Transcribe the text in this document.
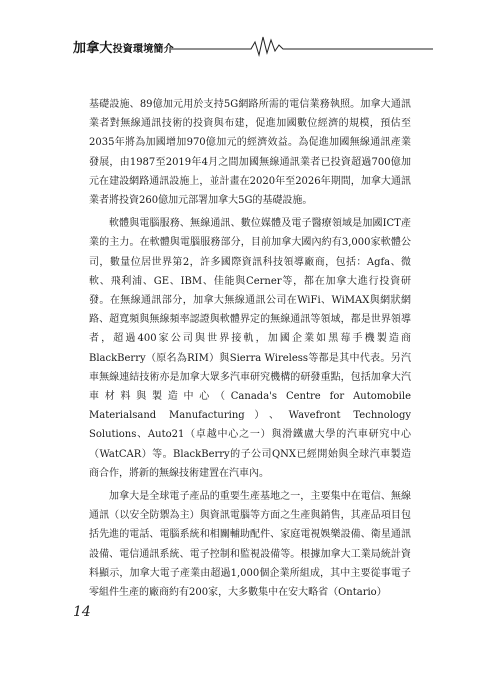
加拿大投資環境簡介

基礎設施、89億加元用於支持5G網路所需的電信業務執照。加拿大通訊業者對無線通訊技術的投資與布建，促進加國數位經濟的規模，預估至2035年將為加國增加970億加元的經濟效益。為促進加國無線通訊產業發展，由1987至2019年4月之間加國無線通訊業者已投資超過700億加元在建設網路通訊設施上，並計畫在2020年至2026年期間，加拿大通訊業者將投資260億加元部署加拿大5G的基礎設施。

軟體與電腦服務、無線通訊、數位媒體及電子醫療領域是加國ICT產業的主力。在軟體與電腦服務部分，目前加拿大國內約有3,000家軟體公司，數量位居世界第2，許多國際資訊科技領導廠商，包括：Agfa、微軟、飛利浦、GE、IBM、佳能與Cerner等，都在加拿大進行投資研發。在無線通訊部分，加拿大無線通訊公司在WiFi、WiMAX與網狀網路、超寬頻與無線頻率認證與軟體界定的無線通訊等領域，都是世界領導者，超過400家公司與世界接軌，加國企業如黑莓手機製造商BlackBerry（原名為RIM）與Sierra Wireless等都是其中代表。另汽車無線連結技術亦是加拿大眾多汽車研究機構的研發重點，包括加拿大汽車材料與製造中心（Canada's Centre for Automobile Materialsand Manufacturing）、Wavefront Technology Solutions、Auto21（卓越中心之一）與滑鐵盧大學的汽車研究中心（WatCAR）等。BlackBerry的子公司QNX已經開始與全球汽車製造商合作，將新的無線技術建置在汽車內。

加拿大是全球電子產品的重要生產基地之一，主要集中在電信、無線通訊（以安全防禦為主）與資訊電腦等方面之生產與銷售，其產品項目包括先進的電話、電腦系統和相關輔助配件、家庭電視娛樂設備、衛星通訊設備、電信通訊系統、電子控制和監視設備等。根據加拿大工業局統計資料顯示，加拿大電子產業由超過1,000個企業所組成，其中主要從事電子零組件生產的廠商約有200家，大多數集中在安大略省（Ontario）

14
